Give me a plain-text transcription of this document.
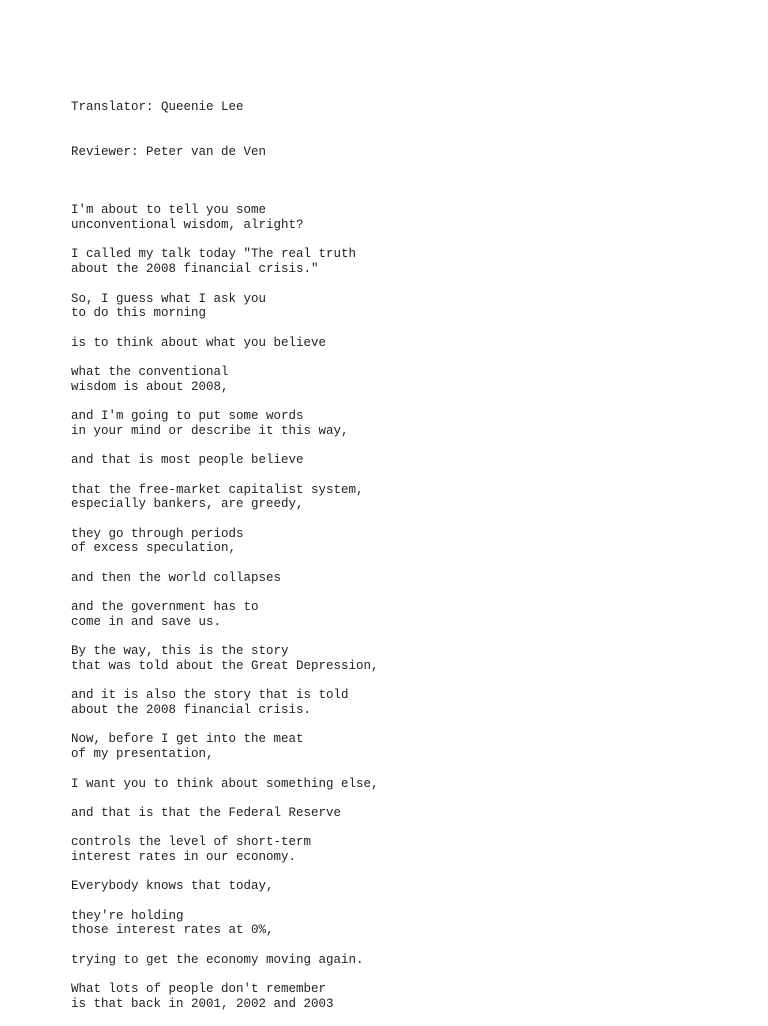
Translator: Queenie Lee

Reviewer: Peter van de Ven

I'm about to tell you some
unconventional wisdom, alright?
I called my talk today "The real truth
about the 2008 financial crisis."
So, I guess what I ask you
to do this morning
is to think about what you believe
what the conventional
wisdom is about 2008,
and I'm going to put some words
in your mind or describe it this way,
and that is most people believe
that the free-market capitalist system,
especially bankers, are greedy,
they go through periods
of excess speculation,
and then the world collapses
and the government has to
come in and save us.
By the way, this is the story
that was told about the Great Depression,
and it is also the story that is told
about the 2008 financial crisis.
Now, before I get into the meat
of my presentation,
I want you to think about something else,
and that is that the Federal Reserve
controls the level of short-term
interest rates in our economy.
Everybody knows that today,
they're holding
those interest rates at 0%,
trying to get the economy moving again.
What lots of people don't remember
is that back in 2001, 2002 and 2003
